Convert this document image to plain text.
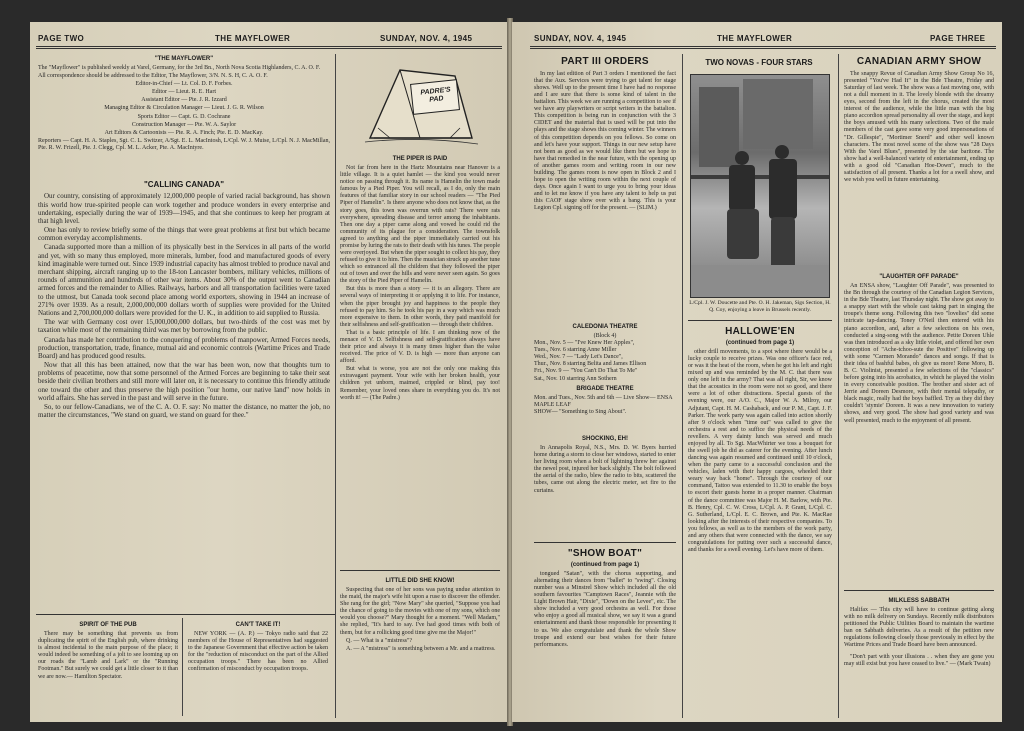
PAGE TWO	THE MAYFLOWER	SUNDAY, NOV. 4, 1945
"THE MAYFLOWER"

The "Mayflower" is published weekly at Varel, Germany, for the 3rd Bn., North Nova Scotia Highlanders, C. A. O. F.

All correspondence should be addressed to the Editor, The Mayflower, 3/N. N. S. H, C. A. O. F.

Editor-in-Chief — Lt. Col. D. F. Forbes.

Editor — Lieut. R. E. Hart

Assistant Editor — Pte. J. R. Izzard

Managing Editor & Circulation Manager — Lieut. J. G. R. Wilson

Sports Editor — Capt. G. D. Cochrane

Construction Manager — Pte. W. A. Saylor

Art Editors & Cartoonists — Pte. R. A. Finch; Pte. E. D. MacKay.

Reporters — Capt. H. A. Staples, Sgt. C. L. Switzer, A/Sgt. E. L. MacIntosh, L/Cpl. W. J. Muise, L/Cpl. N. J. MacMillan, Pte. R. W. Frizell, Pte. J. Clegg, Cpl. M. L. Acker, Pte. A. MacIntyre.

"CALLING CANADA"

Our country, consisting of approximately 12,000,000 people of varied racial background, has shown this world how true-spirited people can work together and produce wonders in every enterprise and undertaking, especially during the war of 1939—1945, and that she continues to keep her program at that high level.

One has only to review briefly some of the things that were great problems at first but which became common everyday accomplishments.

Canada supported more than a million of its physically best in the Services in all parts of the world and yet, with so many thus employed, more minerals, lumber, food and manufactured goods of every kind imaginable were turned out. Since 1939 industrial capacity has almost trebled to produce naval and merchant shipping, aircraft ranging up to the 18-ton Lancaster bombers, military vehicles, millions of rounds of ammunition and hundreds of other war items. About 30% of the output went to Canadian armed forces and the remainder to Allies. Railways, harbors and all transportation facilities were taxed to the utmost, but Canada took second place among world exporters, showing in 1944 an increase of 271% over 1939. As a result, 2,000,000,000 dollars worth of supplies were provided for the United Nations and 2,700,000,000 dollars were provided for the U. K., in addition to aid supplied to Russia.

The war with Germany cost over 15,000,000,000 dollars, but two-thirds of the cost was met by taxation while most of the remaining third was met by borrowing from the public.

Canada has made her contribution to the conquering of problems of manpower, Armed Forces needs, production, transportation, trade, finance, mutual aid and economic controls (Wartime Prices and Trade Board) and has produced good results.

Now that all this has been attained, now that the war has been won, now that thoughts turn to problems of peacetime, now that some personnel of the Armed Forces are beginning to take their seat beside their civilian brothers and still more will later on, it is necessary to continue this friendly attitude one toward the other and thus preserve the high position "our home, our native land" now holds in world affairs. She has served in the past and will serve in the future.

So, to our fellow-Canadians, we of the C. A. O. F. say: No matter the distance, no matter the job, no matter the circumstances, "We stand on guard, we stand on guard for thee."

SPIRIT OF THE PUB

There may be something that prevents us from duplicating the spirit of the English pub, where drinking is almost incidental to the main purpose of the place; it would indeed be something of a jolt to see looming up on our roads the "Lamb and Lark" or the "Running Footman." But surely we could get a little closer to it than we are now.— Hamilton Spectator.

CAN'T TAKE IT!

NEW YORK — (A. P.) — Tokyo radio said that 22 members of the House of Representatives had suggested to the Japanese Government that effective action be taken for the "reduction of misconduct on the part of the Allied occupation troops." There has been no Allied confirmation of misconduct by occupation troops.

PADRE'S PAD
THE PIPER IS PAID

Not far from here in the Hartz Mountains near Hanover is a little village. It is a quiet hamlet — the kind you would never notice on passing through it. Its name is Hamelin the town made famous by a Pied Piper. You will recall, as I do, only the main features of that familiar story in our school readers — "The Pied Piper of Hamelin". Is there anyone who does not know that, as the story goes, this town was overrun with rats? There were rats everywhere, spreading disease and terror among the inhabitants. Then one day a piper came along and vowed he could rid the community of its plague for a consideration. The townsfolk agreed to anything and the piper immediately carried out his promise by luring the rats to their death with his tunes. The people were overjoyed. But when the piper sought to collect his pay, they refused to give it to him. Then the musician struck up another tune which so entranced all the children that they followed the piper out of town and over the hills and were never seen again. So goes the story of the Pied Piper of Hamelin.

But this is more than a story — it is an allegory. There are several ways of interpreting it or applying it to life. For instance, when the piper brought joy and happiness to the people they refused to pay him. So he took his pay in a way which was much more expensive to them. In other words, they paid manifold for their selfishness and self-gratification — through their children.

That is a basic principle of life. I am thinking now of the menace of V. D. Selfishness and self-gratification always have their price and always it is many times higher than the value received. The price of V. D. is high — more than anyone can afford.

But what is worse, you are not the only one making this extravagant payment. Your wife with her broken health, your children yet unborn, maimed, crippled or blind, pay too! Remember, your loved ones share in everything you do. It's not worth it! — (The Padre.)

LITTLE DID SHE KNOW!

Suspecting that one of her sons was paying undue attention to the maid, the major's wife hit upon a ruse to discover the offender. She rang for the girl; "Now Mary" she queried, "Suppose you had the chance of going to the movies with one of my sons, which one would you choose?" Mary thought for a moment. "Well Madam," she replied, "It's hard to say. I've had good times with both of them, but for a rollicking good time give me the Major!"

Q. — What is a "mistress"?

A. — A "mistress" is something between a Mr. and a mattress.

SUNDAY, NOV. 4, 1945	THE MAYFLOWER	PAGE THREE
PART III ORDERS

In my last edition of Part 3 orders I mentioned the fact that the Aux. Services were trying to get talent for stage shows. Well up to the present time I have had no response and I are sure that there is some kind of talent in the battalion. This week we are running a competition to see if we have any playwriters or script writers in the battalion. This competition is being run in conjunction with the 3 CIDET and the material that is used will be put into the plays and the stage shows this coming winter. The winners of this competition depends on you fellows. So come on and let's have your support. Things in our new setup have not been as good as we would like them but we hope to have that remedied in the near future, with the opening up of another games room and writing room in our new building. The games room is now open in Block 2 and I hope to open the writing room within the next couple of days. Once again I want to urge you to bring your ideas and to let me know if you have any talent to help us put this CAOF stage show over with a bang. This is your Legion Cpl. signing off for the present. — (SLIM.)

CALEDONIA THEATRE
(Block 4)
Mon., Nov. 5 — "I've Knew Her Apples",
Tues., Nov. 6 starring Anne Miller
Wed., Nov. 7 — "Lady Let's Dance",
Thur., Nov. 8 starring Belita and James Ellison
Fri., Nov. 9 — "You Can't Do That To Me"
Sat., Nov. 10 starring Ann Sothern
BRIGADE THEATRE
Mon. and Tues., Nov. 5th and 6th — Live Show— ENSA MAPLE LEAF
SHOW— "Something to Sing About".
SHOCKING, EH!

In Annapolis Royal, N.S., Mrs. D. W. Byers hurried home during a storm to close her windows, started to enter her living room when a bolt of lightning threw her against the newel post, injured her back slightly. The bolt followed the aerial of the radio, blew the radio to bits, scattered the tubes, came out along the electric meter, set fire to the curtains.

"SHOW BOAT"
(continued from page 1)

tongued "Satan", with the chorus supporting, and alternating their dances from "ballet" to "swing". Closing number was a Minstrel Show which included all the old southern favourites "Camptown Races", Jeannie with the Light Brown Hair, "Dixie", "Down on the Levee", etc. The show included a very good orchestra as well. For those who enjoy a good all musical show, we say it was a grand entertainment and thank those responsible for presenting it to us. We also congratulate and thank the whole Show troupe and extend our best wishes for their future performances.

TWO NOVAS - FOUR STARS
L/Cpl. J. W. Doucette and Pte. O. H. Jakeman, Sigs Section, H. Q. Coy, enjoying a leave in Brussels recently.
HALLOWE'EN
(continued from page 1)

other drill movements, to a spot where there would be a lucky couple to receive prizes. Was one officer's face red, or was it the heat of the room, when he got his left and right mixed up and was reminded by the M. C. that there was only one left in the army? That was all right, Sir, we know that the acoustics in the room were not so good, and there were a lot of other distractions. Special guests of the evening were, our A/O. C., Major W. A. Milroy, our Adjutant, Capt. H. M. Cashaback, and our P. M., Capt. J. F. Parker. The work party was again called into action shortly after 9 o'clock when "time out" was called to give the orchestra a rest and to suffice the physical needs of the revellers. A very dainty lunch was served and much enjoyed by all. To Sgt. MacWhirter we toss a bouquet for the swell job he did as caterer for the evening. After lunch dancing was again resumed and continued until 10 o'clock, when the party came to a successful conclusion and the vehicles, laden with their happy cargoes, wheeled their weary way back "home". Through the courtesy of our command, Tattoo was extended to 11.30 to enable the boys to escort their guests home in a proper manner. Chairman of the dance committee was Major H. M. Barlow, with Pte. B. Henry, Cpl. C. W. Cross, L/Cpl. A. P. Grant, L/Cpl. C. G. Sutherland, L/Cpl. E. C. Brown, and Pte. K. MacRae looking after the interests of their respective companies. To you fellows, as well as to the members of the work party, and any others that were connected with the dance, we say congratulations for putting over such a successful dance, and thanks for a swell evening. Let's have more of them.

CANADIAN ARMY SHOW

The snappy Revue of Canadian Army Show Group No 16, presented "You've Had It" in the Bde Theatre, Friday and Saturday of last week. The show was a fast moving one, with not a dull moment in it. The lovely blonde with the dreamy eyes, second from the left in the chorus, created the most interest of the audience, while the little man with the big piano accordion spread personality all over the stage, and kept the boys amused with his many selections. Two of the male members of the cast gave some very good impersonations of "Dr. Gillespie", "Mortimer Snerd" and other well known characters. The most novel scene of the show was "28 Days With the Varel Blues", presented by the star baritone. The show had a well-balanced variety of entertainment, ending up with a good old "Canadian Hoe-Down", much to the satisfaction of all present. Thanks a lot for a swell show, and we wish you well in future entertaining.

"LAUGHTER OFF PARADE"

An ENSA show, "Laughter Off Parade", was presented to the Bn through the courtesy of the Canadian Legion Services, in the Bde Theatre, last Thursday night. The show got away to a snappy start with the whole cast taking part in singing the troupe's theme song. Following this two "lovelies" did some intricate tap-dancing. Toney O'Neil then entered with his piano accordion, and, after a few selections on his own, conducted a sing-song with the audience. Petite Doreen Uhle was then introduced as a sky little violet, and offered her own conception of "Ache-tchoo-sute the Positive" following up with some "Carmen Morando" dances and songs. If that is their idea of bashful babes, oh give us more! Rene Moro, B. B. C. Violinist, presented a few selections of the "classics" before going into his acrobatics, in which he played the violin in every conceivable position. The brother and sister act of Jerrie and Doreen Desmore, with their mental telepathy, or black magic, really had the boys baffled. Try as they did they couldn't 'stymie' Doreen. It was a new innovation to variety shows, and very good. The show had good variety and was well presented, much to the enjoyment of all present.

MILKLESS SABBATH

Halifax — This city will have to continue getting along with no milk delivery on Sundays. Recently milk distributors petitioned the Public Utilities Board to maintain the wartime ban on Sabbath deliveries. As a result of the petition new regulations following closely those previously in effect by the Wartime Prices and Trade Board have been announced.

"Don't part with your illusions . . when they are gone you may still exist but you have ceased to live." — (Mark Twain)
